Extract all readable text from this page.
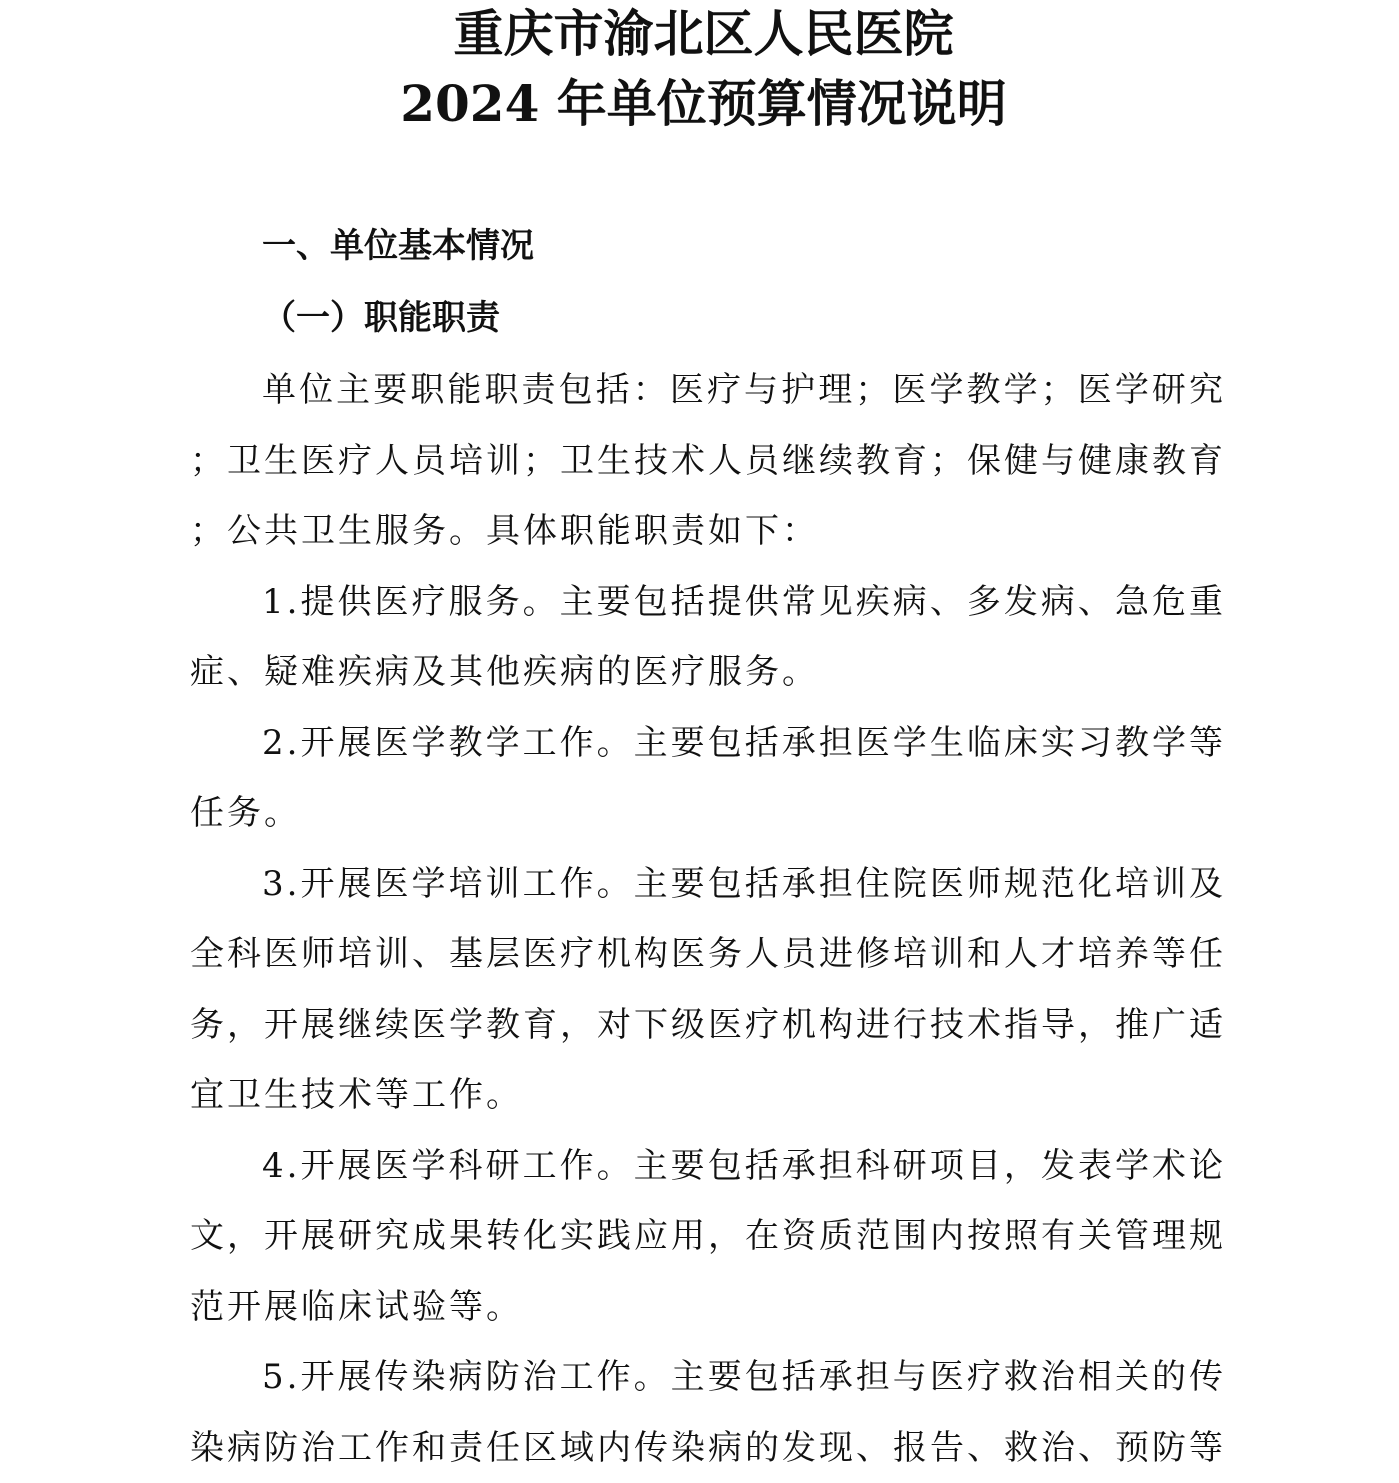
重庆市渝北区人民医院
2024 年单位预算情况说明
一、单位基本情况
（一）职能职责

单位主要职能职责包括：医疗与护理；医学教学；医学研究；卫生医疗人员培训；卫生技术人员继续教育；保健与健康教育；公共卫生服务。具体职能职责如下：

1.提供医疗服务。主要包括提供常见疾病、多发病、急危重症、疑难疾病及其他疾病的医疗服务。

2.开展医学教学工作。主要包括承担医学生临床实习教学等任务。

3.开展医学培训工作。主要包括承担住院医师规范化培训及全科医师培训、基层医疗机构医务人员进修培训和人才培养等任务，开展继续医学教育，对下级医疗机构进行技术指导，推广适宜卫生技术等工作。

4.开展医学科研工作。主要包括承担科研项目，发表学术论文，开展研究成果转化实践应用，在资质范围内按照有关管理规范开展临床试验等。

5.开展传染病防治工作。主要包括承担与医疗救治相关的传染病防治工作和责任区域内传染病的发现、报告、救治、预防等
